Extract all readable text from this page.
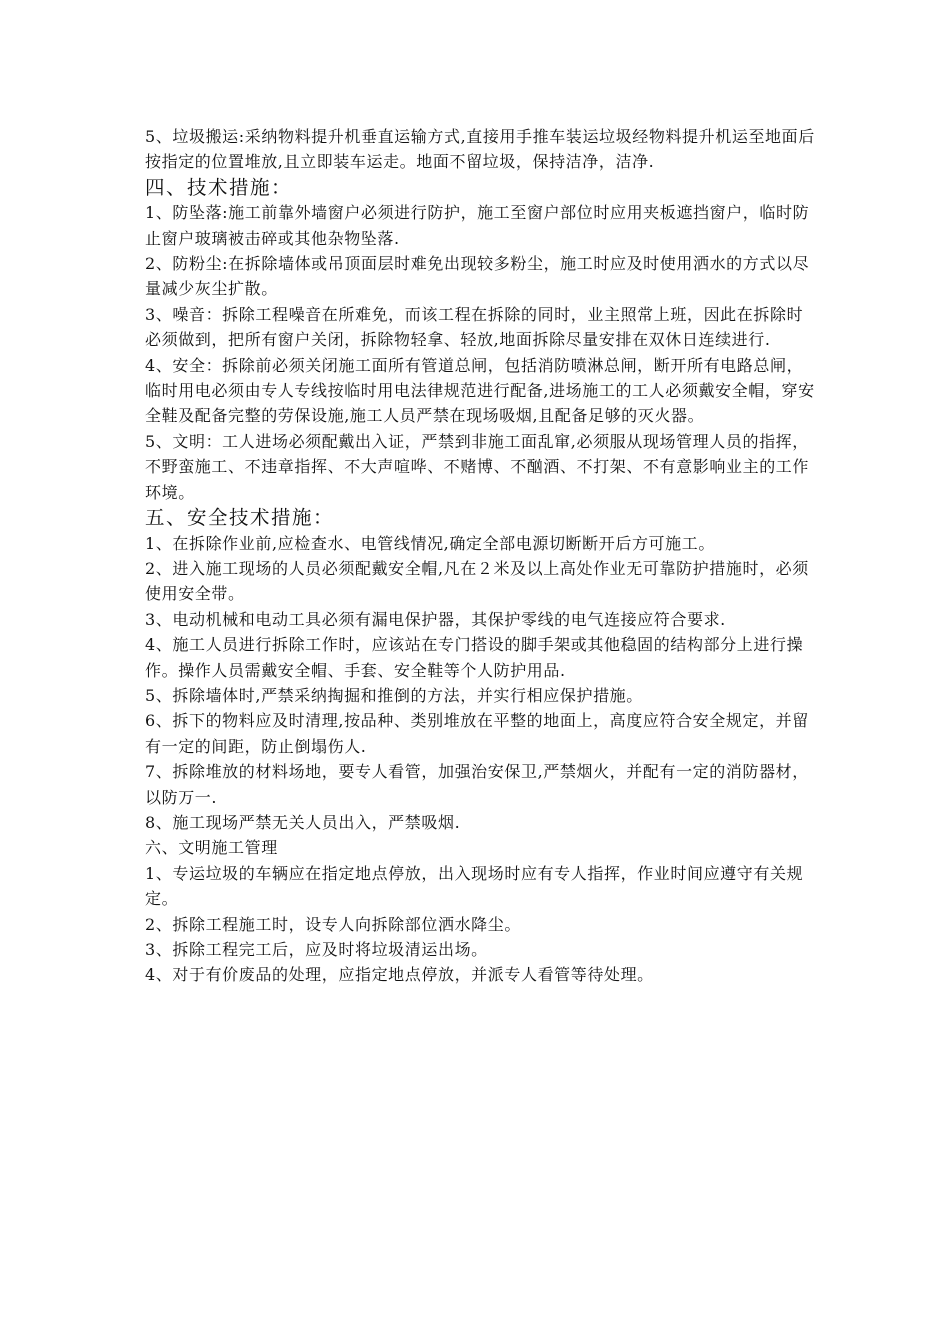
5、垃圾搬运:采纳物料提升机垂直运输方式,直接用手推车装运垃圾经物料提升机运至地面后按指定的位置堆放,且立即装车运走。地面不留垃圾，保持洁净，洁净.

四、技术措施：

1、防坠落:施工前靠外墙窗户必须进行防护，施工至窗户部位时应用夹板遮挡窗户，临时防止窗户玻璃被击碎或其他杂物坠落.

2、防粉尘:在拆除墙体或吊顶面层时难免出现较多粉尘，施工时应及时使用洒水的方式以尽量减少灰尘扩散。

3、噪音：拆除工程噪音在所难免，而该工程在拆除的同时，业主照常上班，因此在拆除时必须做到，把所有窗户关闭，拆除物轻拿、轻放,地面拆除尽量安排在双休日连续进行.

4、安全：拆除前必须关闭施工面所有管道总闸，包括消防喷淋总闸，断开所有电路总闸，临时用电必须由专人专线按临时用电法律规范进行配备,进场施工的工人必须戴安全帽，穿安全鞋及配备完整的劳保设施,施工人员严禁在现场吸烟,且配备足够的灭火器。

5、文明：工人进场必须配戴出入证，严禁到非施工面乱窜,必须服从现场管理人员的指挥，不野蛮施工、不违章指挥、不大声喧哗、不赌博、不酗酒、不打架、不有意影响业主的工作环境。

五、安全技术措施：

1、在拆除作业前,应检查水、电管线情况,确定全部电源切断断开后方可施工。

2、进入施工现场的人员必须配戴安全帽,凡在２米及以上高处作业无可靠防护措施时，必须使用安全带。

3、电动机械和电动工具必须有漏电保护器，其保护零线的电气连接应符合要求.

4、施工人员进行拆除工作时，应该站在专门搭设的脚手架或其他稳固的结构部分上进行操作。操作人员需戴安全帽、手套、安全鞋等个人防护用品.

5、拆除墙体时,严禁采纳掏掘和推倒的方法，并实行相应保护措施。

6、拆下的物料应及时清理,按品种、类别堆放在平整的地面上，高度应符合安全规定，并留有一定的间距，防止倒塌伤人.

7、拆除堆放的材料场地，要专人看管，加强治安保卫,严禁烟火，并配有一定的消防器材，以防万一.

8、施工现场严禁无关人员出入，严禁吸烟.

六、文明施工管理

1、专运垃圾的车辆应在指定地点停放，出入现场时应有专人指挥，作业时间应遵守有关规定。

2、拆除工程施工时，设专人向拆除部位洒水降尘。

3、拆除工程完工后，应及时将垃圾清运出场。

4、对于有价废品的处理，应指定地点停放，并派专人看管等待处理。
